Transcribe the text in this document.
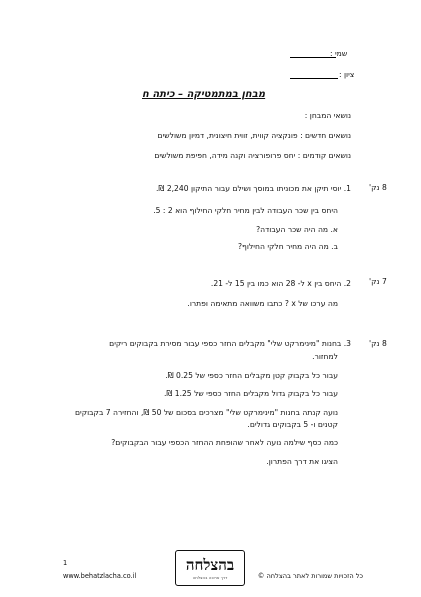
שמי :
ציון :
מבחן במתמטיקה – כיתה ח
נושאי המבחן :
נושאים חדשים : פונקציה קווית, זווית חיצונית, דמיון משולשים
נושאים קודמים : יחס פרופורציה וקנה מידה, חפיפת משולשים
8 נק'
1. יוסי תיקן את מכוניתו במוסך ושילם עבור התיקון 2,240 ₪.
היחס בין שכר העבודה לבין מחיר חלקי החילוף הוא 2 : 5.
א. מה היה שכר העבודה?
ב. מה היה מחיר חלקי החילוף?
7 נק'
2. היחס בין x ל- 28 הוא כמו בין 15 ל- 21.
מה ערכו של x ? כתבו משוואה מתאימה ופתרו.
8 נק'
3. בחנות "מינימרקט שלי" מקבלים החזר כספי עבור מסירת בקבוקים ריקים
למחזור.
עבור כל בקבוק קטן מקבלים החזר כספי של 0.25 ₪.
עבור כל בקבוק גדול מקבלים החזר כספי של 1.25 ₪.
נועה קנתה בחנות "מינימרקט שלי" מצרכים בסכום של 50 ₪, והחזירה 7 בקבוקים
קטנים ו- 5 בקבוקים גדולים.
כמה כסף שילמה נועה לאחר שהופחת ההחזר הכספי עבור הבקבוקים?
הציגו את דרך הפתרון.
1
www.behatzlacha.co.il
בהצלחה
דרך ארוכה בהצלחה	כל הזכויות שמורות לאתר בהצלחה ©
